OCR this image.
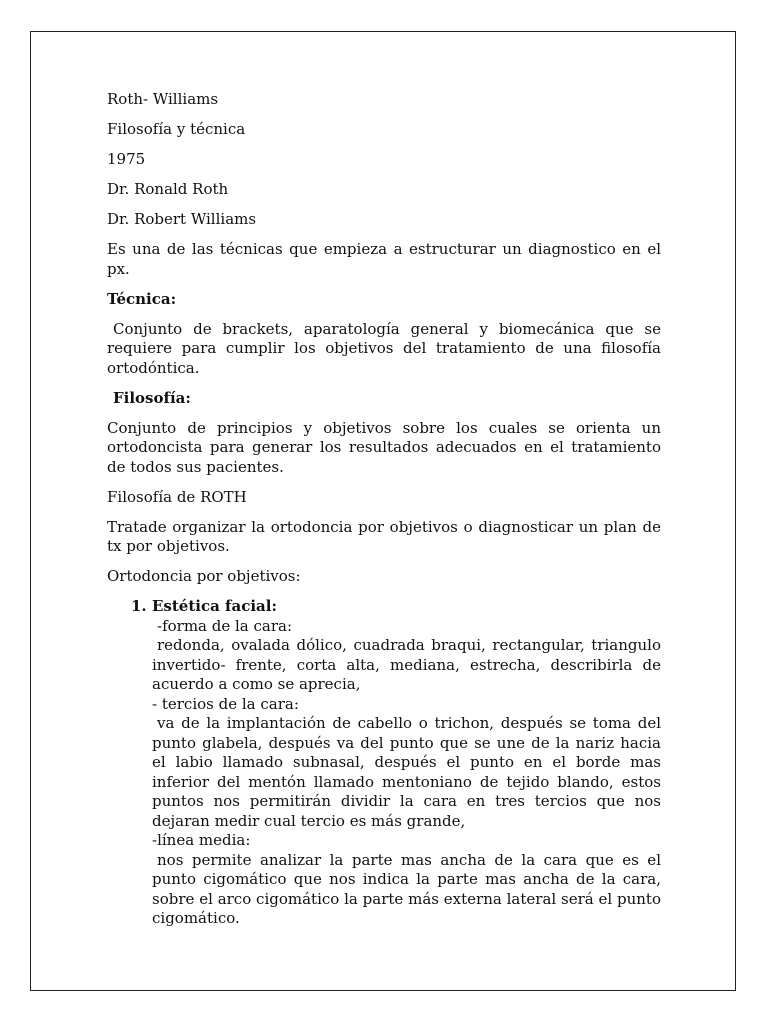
Roth- Williams

Filosofía y técnica

1975

Dr. Ronald Roth

Dr. Robert Williams

Es una de las técnicas que empieza a estructurar un diagnostico en el px.

Técnica:

Conjunto de brackets, aparatología general y biomecánica que se requiere para cumplir los objetivos del tratamiento de una filosofía ortodóntica.

Filosofía:

Conjunto de principios y objetivos sobre los cuales se orienta un ortodoncista para generar los resultados adecuados en el tratamiento de todos sus pacientes.

Filosofía de ROTH

Tratade organizar la ortodoncia por objetivos o diagnosticar un plan de tx por objetivos.

Ortodoncia por objetivos:

1. Estética facial:
-forma de la cara:
redonda, ovalada dólico, cuadrada braqui, rectangular, triangulo invertido- frente, corta alta, mediana, estrecha, describirla de acuerdo a como se aprecia,
- tercios de la cara:
va de la implantación de cabello o trichon, después se toma del punto glabela, después va del punto que se une de la nariz hacia el labio llamado subnasal, después el punto en el borde mas inferior del mentón llamado mentoniano de tejido blando, estos puntos nos permitirán dividir la cara en tres tercios que nos dejaran medir cual tercio es más grande,
-línea media:
nos permite analizar la parte mas ancha de la cara que es el punto cigomático que nos indica la parte mas ancha de la cara, sobre el arco cigomático la parte más externa lateral será el punto cigomático.
